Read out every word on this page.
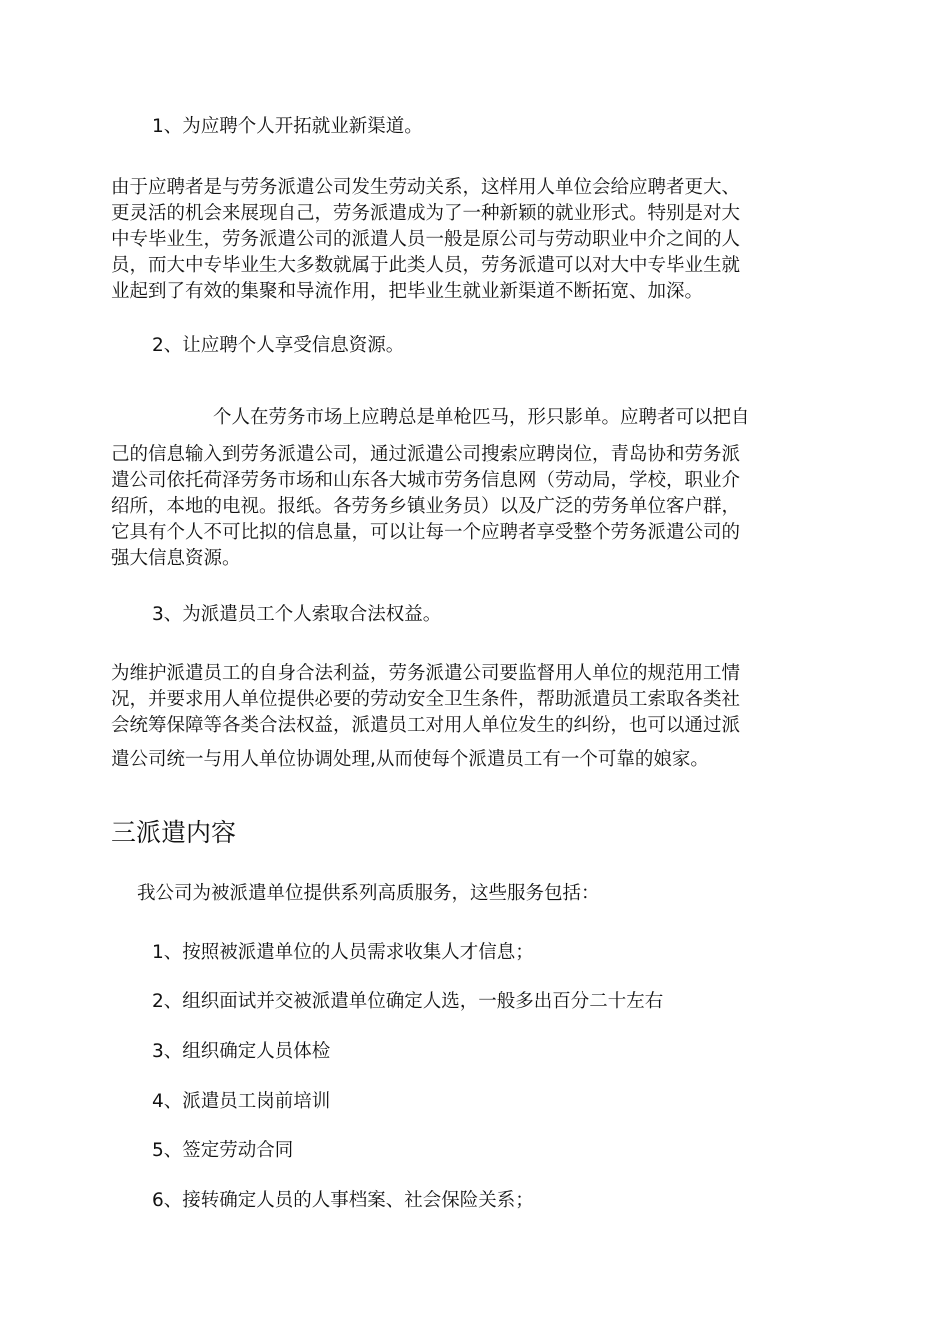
1、为应聘个人开拓就业新渠道。

由于应聘者是与劳务派遣公司发生劳动关系，这样用人单位会给应聘者更大、

更灵活的机会来展现自己，劳务派遣成为了一种新颖的就业形式。特别是对大

中专毕业生，劳务派遣公司的派遣人员一般是原公司与劳动职业中介之间的人

员，而大中专毕业生大多数就属于此类人员，劳务派遣可以对大中专毕业生就

业起到了有效的集聚和导流作用，把毕业生就业新渠道不断拓宽、加深。

2、让应聘个人享受信息资源。

个人在劳务市场上应聘总是单枪匹马，形只影单。应聘者可以把自

己的信息输入到劳务派遣公司，通过派遣公司搜索应聘岗位，青岛协和劳务派

遣公司依托荷泽劳务市场和山东各大城市劳务信息网（劳动局，学校，职业介

绍所，本地的电视。报纸。各劳务乡镇业务员）以及广泛的劳务单位客户群，

它具有个人不可比拟的信息量，可以让每一个应聘者享受整个劳务派遣公司的

强大信息资源。

3、为派遣员工个人索取合法权益。

为维护派遣员工的自身合法利益，劳务派遣公司要监督用人单位的规范用工情

况，并要求用人单位提供必要的劳动安全卫生条件，帮助派遣员工索取各类社

会统筹保障等各类合法权益，派遣员工对用人单位发生的纠纷，也可以通过派

遣公司统一与用人单位协调处理,从而使每个派遣员工有一个可靠的娘家。

三派遣内容

我公司为被派遣单位提供系列高质服务，这些服务包括：

1、按照被派遣单位的人员需求收集人才信息；

2、组织面试并交被派遣单位确定人选，一般多出百分二十左右

3、组织确定人员体检

4、派遣员工岗前培训

5、签定劳动合同

6、接转确定人员的人事档案、社会保险关系；
